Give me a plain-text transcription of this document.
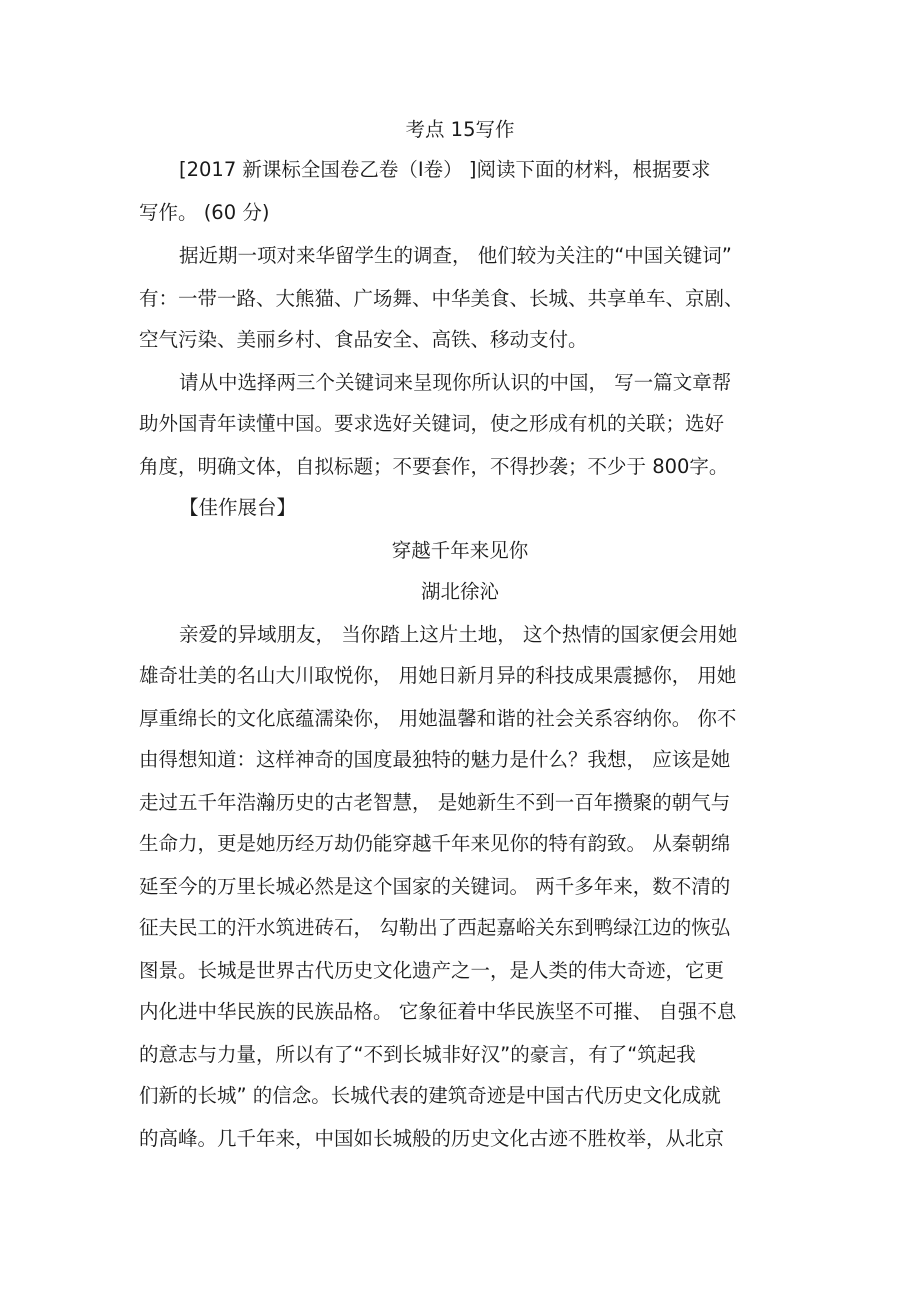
考点 15写作
[2017 新课标全国卷乙卷（Ⅰ卷） ]阅读下面的材料，根据要求
写作。 (60 分)
据近期一项对来华留学生的调查， 他们较为关注的“中国关键词”
有：一带一路、大熊猫、广场舞、中华美食、长城、共享单车、京剧、
空气污染、美丽乡村、食品安全、高铁、移动支付。
请从中选择两三个关键词来呈现你所认识的中国， 写一篇文章帮
助外国青年读懂中国。要求选好关键词，使之形成有机的关联；选好
角度，明确文体，自拟标题；不要套作，不得抄袭；不少于 800字。
【佳作展台】
穿越千年来见你
湖北徐沁
亲爱的异域朋友， 当你踏上这片土地， 这个热情的国家便会用她
雄奇壮美的名山大川取悦你， 用她日新月异的科技成果震撼你， 用她
厚重绵长的文化底蕴濡染你， 用她温馨和谐的社会关系容纳你。 你不
由得想知道：这样神奇的国度最独特的魅力是什么？我想， 应该是她
走过五千年浩瀚历史的古老智慧， 是她新生不到一百年攒聚的朝气与
生命力，更是她历经万劫仍能穿越千年来见你的特有韵致。 从秦朝绵
延至今的万里长城必然是这个国家的关键词。 两千多年来，数不清的
征夫民工的汗水筑进砖石， 勾勒出了西起嘉峪关东到鸭绿江边的恢弘
图景。长城是世界古代历史文化遗产之一，是人类的伟大奇迹，它更
内化进中华民族的民族品格。 它象征着中华民族坚不可摧、 自强不息
的意志与力量，所以有了“不到长城非好汉”的豪言，有了“筑起我
们新的长城” 的信念。长城代表的建筑奇迹是中国古代历史文化成就
的高峰。几千年来，中国如长城般的历史文化古迹不胜枚举，从北京
